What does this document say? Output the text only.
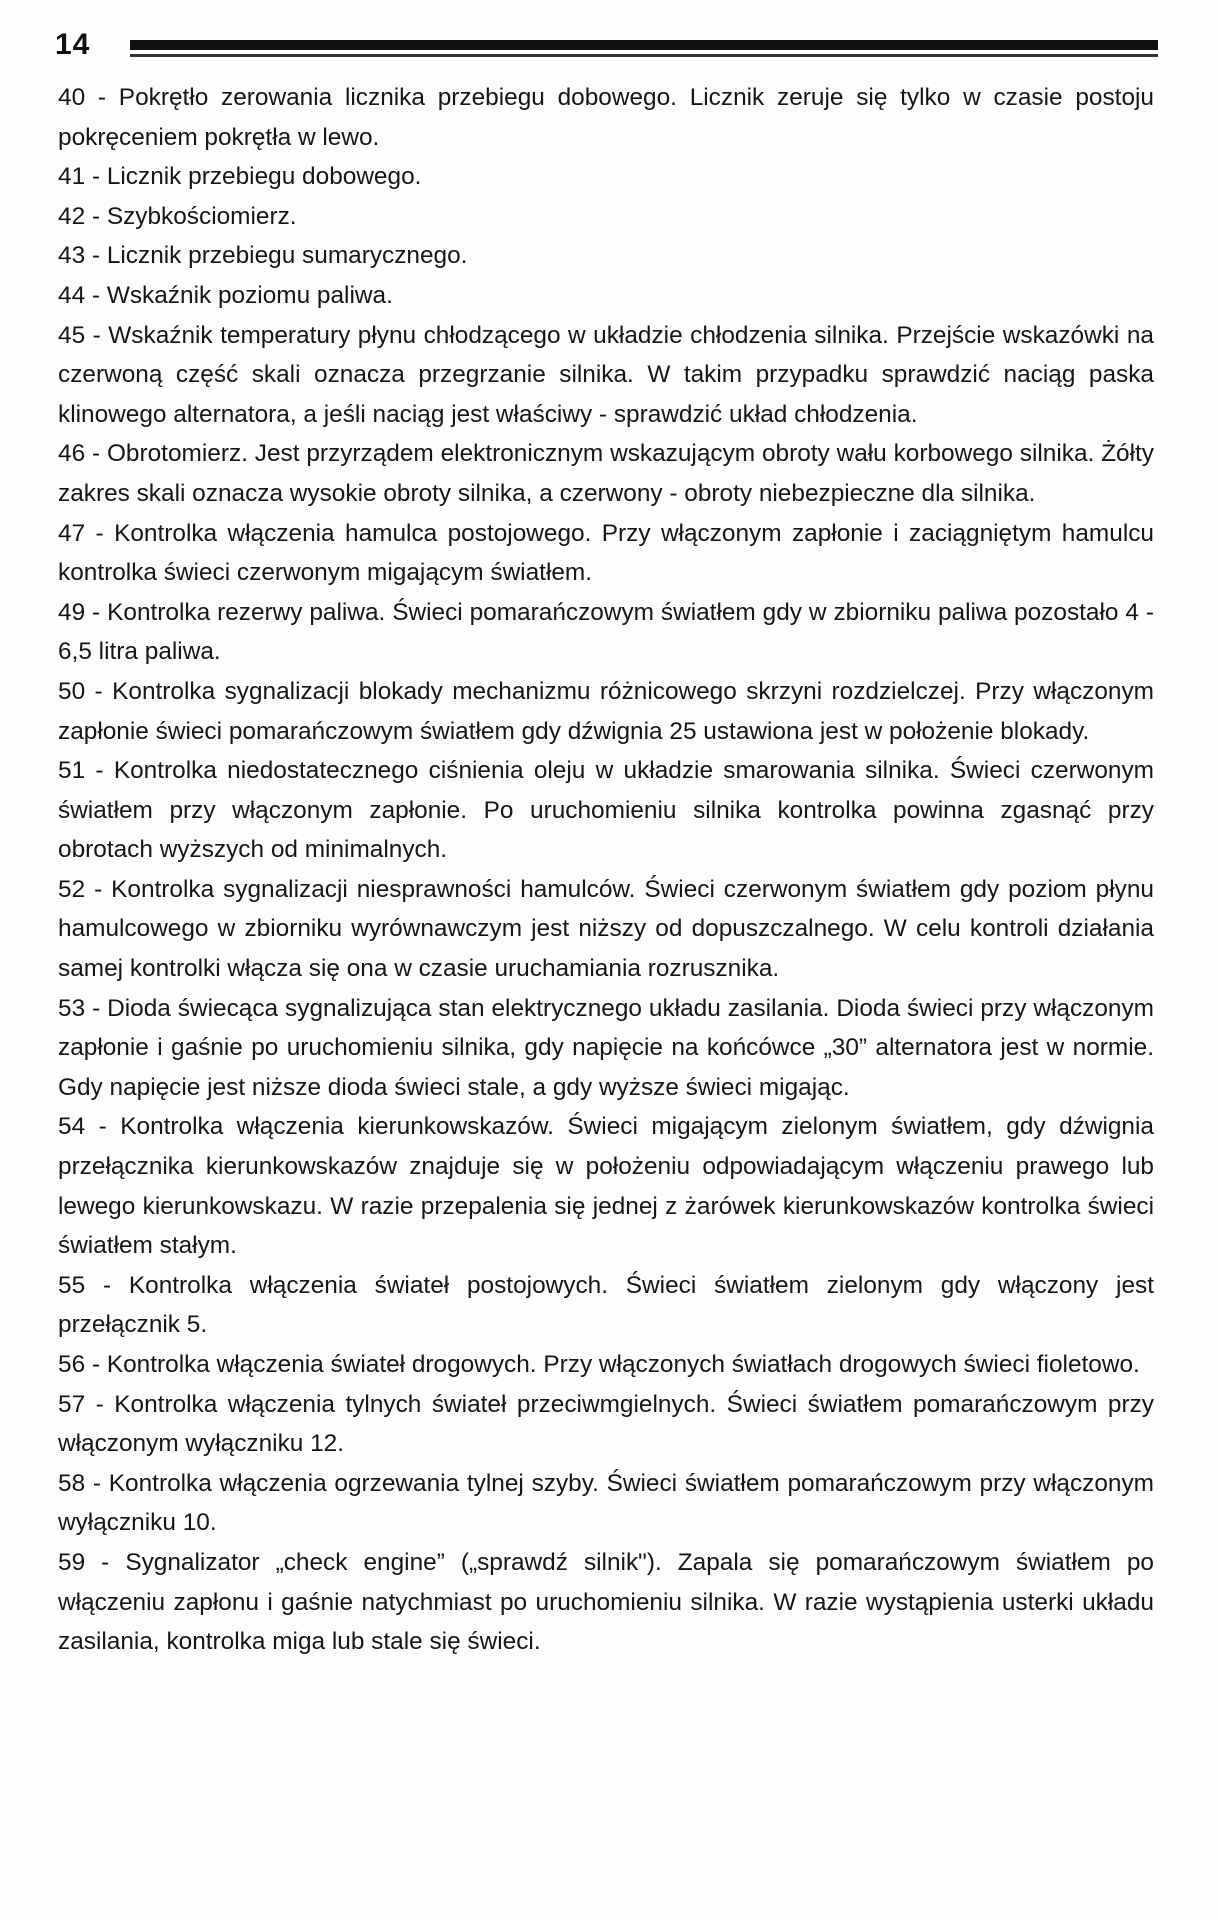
14

40 - Pokrętło zerowania licznika przebiegu dobowego. Licznik zeruje się tylko w czasie postoju pokręceniem pokrętła w lewo.

41 - Licznik przebiegu dobowego.

42 - Szybkościomierz.

43 - Licznik przebiegu sumarycznego.

44 - Wskaźnik poziomu paliwa.

45 - Wskaźnik temperatury płynu chłodzącego w układzie chłodzenia silnika. Przejście wskazówki na czerwoną część skali oznacza przegrzanie silnika. W takim przypadku sprawdzić naciąg paska klinowego alternatora, a jeśli naciąg jest właściwy - sprawdzić układ chłodzenia.

46 - Obrotomierz. Jest przyrządem elektronicznym wskazującym obroty wału korbowego silnika. Żółty zakres skali oznacza wysokie obroty silnika, a czerwony - obroty niebezpieczne dla silnika.

47 - Kontrolka włączenia hamulca postojowego. Przy włączonym zapłonie i zaciągniętym hamulcu kontrolka świeci czerwonym migającym światłem.

49 - Kontrolka rezerwy paliwa. Świeci pomarańczowym światłem gdy w zbiorniku paliwa pozostało 4 - 6,5 litra paliwa.

50 - Kontrolka sygnalizacji blokady mechanizmu różnicowego skrzyni rozdzielczej. Przy włączonym zapłonie świeci pomarańczowym światłem gdy dźwignia 25 ustawiona jest w położenie blokady.

51 - Kontrolka niedostatecznego ciśnienia oleju w układzie smarowania silnika. Świeci czerwonym światłem przy włączonym zapłonie. Po uruchomieniu silnika kontrolka powinna zgasnąć przy obrotach wyższych od minimalnych.

52 - Kontrolka sygnalizacji niesprawności hamulców. Świeci czerwonym światłem gdy poziom płynu hamulcowego w zbiorniku wyrównawczym jest niższy od dopuszczalnego. W celu kontroli działania samej kontrolki włącza się ona w czasie uruchamiania rozrusznika.

53 - Dioda świecąca sygnalizująca stan elektrycznego układu zasilania. Dioda świeci przy włączonym zapłonie i gaśnie po uruchomieniu silnika, gdy napięcie na końcówce „30” alternatora jest w normie. Gdy napięcie jest niższe dioda świeci stale, a gdy wyższe świeci migając.

54 - Kontrolka włączenia kierunkowskazów. Świeci migającym zielonym światłem, gdy dźwignia przełącznika kierunkowskazów znajduje się w położeniu odpowiadającym włączeniu prawego lub lewego kierunkowskazu. W razie przepalenia się jednej z żarówek kierunkowskazów kontrolka świeci światłem stałym.

55 - Kontrolka włączenia świateł postojowych. Świeci światłem zielonym gdy włączony jest przełącznik 5.

56 - Kontrolka włączenia świateł drogowych. Przy włączonych światłach drogowych świeci fioletowo.

57 - Kontrolka włączenia tylnych świateł przeciwmgielnych. Świeci światłem pomarańczowym przy włączonym wyłączniku 12.

58 - Kontrolka włączenia ogrzewania tylnej szyby. Świeci światłem pomarańczowym przy włączonym wyłączniku 10.

59 - Sygnalizator „check engine” („sprawdź silnik"). Zapala się pomarańczowym światłem po włączeniu zapłonu i gaśnie natychmiast po uruchomieniu silnika. W razie wystąpienia usterki układu zasilania, kontrolka miga lub stale się świeci.
